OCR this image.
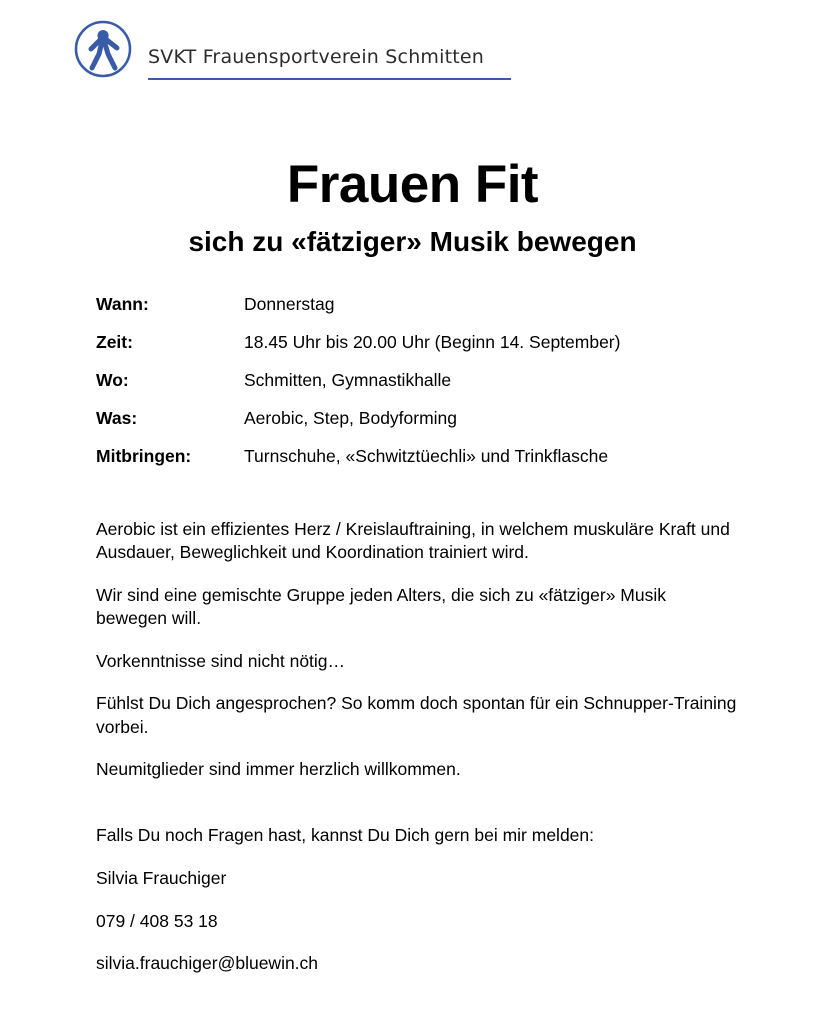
SVKT Frauensportverein Schmitten
Frauen Fit
sich zu «fätziger» Musik bewegen
Wann:	Donnerstag
Zeit:	18.45 Uhr bis 20.00 Uhr (Beginn 14. September)
Wo:	Schmitten, Gymnastikhalle
Was:	Aerobic, Step, Bodyforming
Mitbringen:	Turnschuhe, «Schwitztüechli» und Trinkflasche

Aerobic ist ein effizientes Herz / Kreislauftraining, in welchem muskuläre Kraft und Ausdauer, Beweglichkeit und Koordination trainiert wird.

Wir sind eine gemischte Gruppe jeden Alters, die sich zu «fätziger» Musik bewegen will.

Vorkenntnisse sind nicht nötig…

Fühlst Du Dich angesprochen? So komm doch spontan für ein Schnupper-Training vorbei.

Neumitglieder sind immer herzlich willkommen.

Falls Du noch Fragen hast, kannst Du Dich gern bei mir melden:

Silvia Frauchiger

079 / 408 53 18

silvia.frauchiger@bluewin.ch
